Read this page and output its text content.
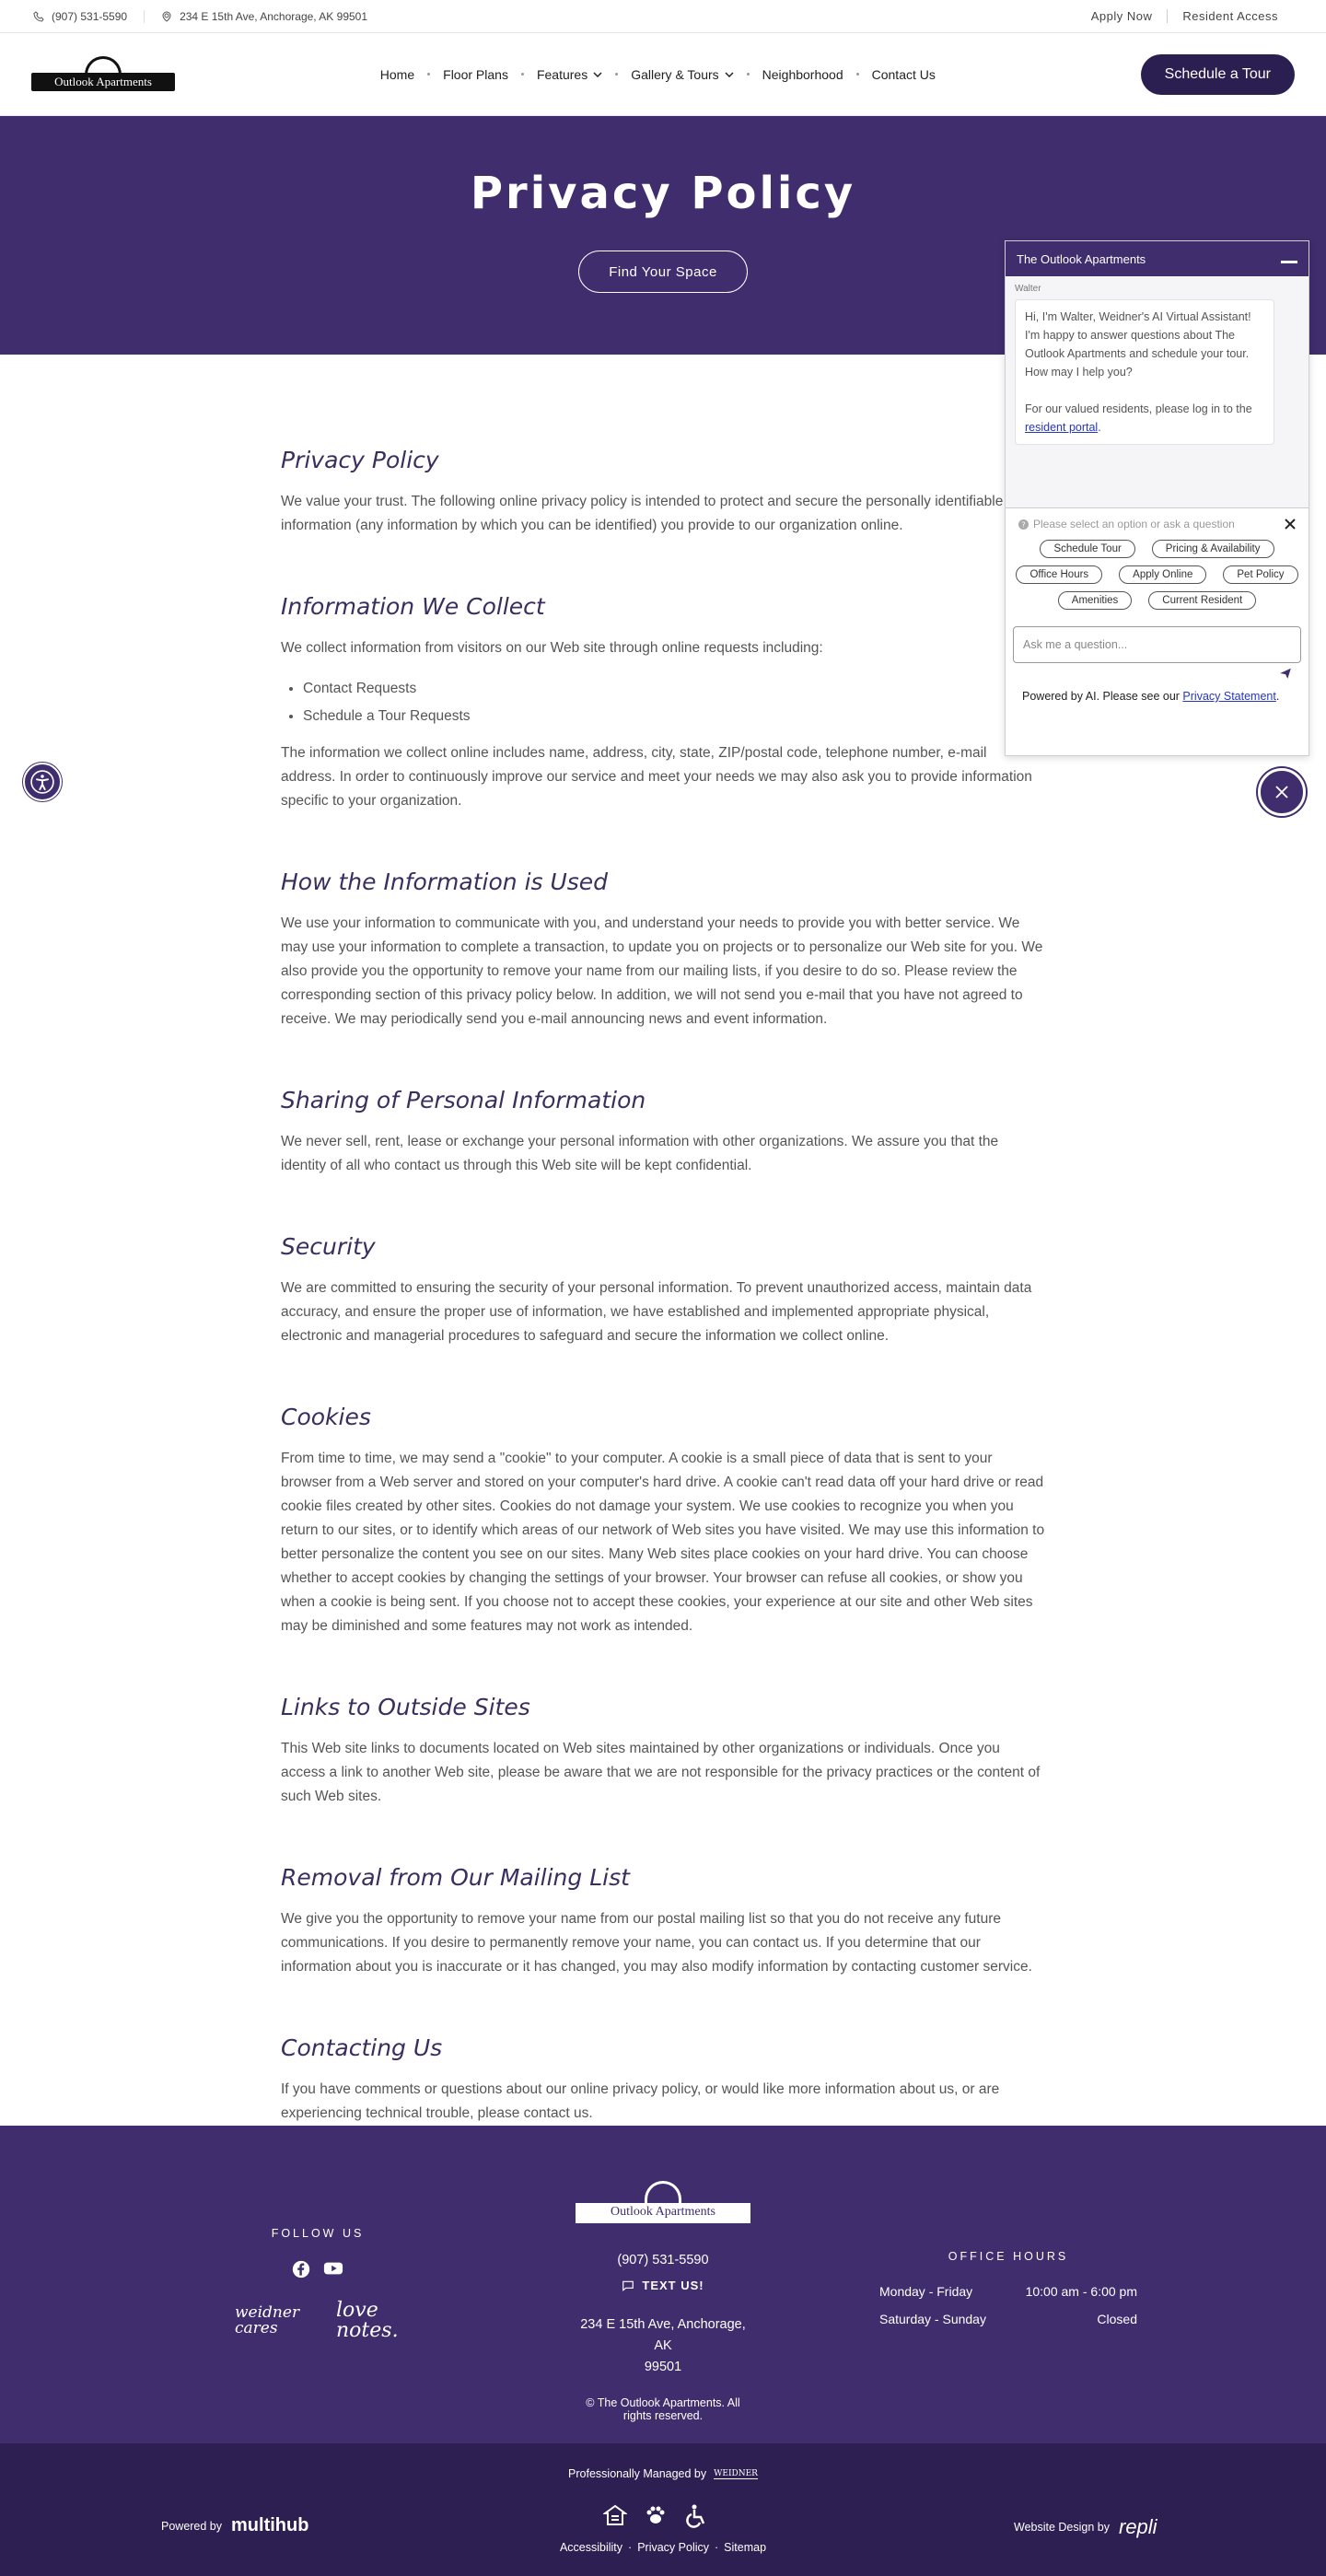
(907) 531-5590	234 E 15th Ave, Anchorage, AK 99501	Apply Now	Resident Access
Outlook Apartments	Home	Floor Plans	Features	Gallery & Tours	Neighborhood	Contact Us	Schedule a Tour
Privacy Policy
Find Your Space
Privacy Policy

We value your trust. The following online privacy policy is intended to protect and secure the personally identifiable information (any information by which you can be identified) you provide to our organization online.

Information We Collect

We collect information from visitors on our Web site through online requests including:

• Contact Requests
• Schedule a Tour Requests

The information we collect online includes name, address, city, state, ZIP/postal code, telephone number, e-mail address. In order to continuously improve our service and meet your needs we may also ask you to provide information specific to your organization.

How the Information is Used

We use your information to communicate with you, and understand your needs to provide you with better service. We may use your information to complete a transaction, to update you on projects or to personalize our Web site for you. We also provide you the opportunity to remove your name from our mailing lists, if you desire to do so. Please review the corresponding section of this privacy policy below. In addition, we will not send you e-mail that you have not agreed to receive. We may periodically send you e-mail announcing news and event information.

Sharing of Personal Information

We never sell, rent, lease or exchange your personal information with other organizations. We assure you that the identity of all who contact us through this Web site will be kept confidential.

Security

We are committed to ensuring the security of your personal information. To prevent unauthorized access, maintain data accuracy, and ensure the proper use of information, we have established and implemented appropriate physical, electronic and managerial procedures to safeguard and secure the information we collect online.

Cookies

From time to time, we may send a "cookie" to your computer. A cookie is a small piece of data that is sent to your browser from a Web server and stored on your computer's hard drive. A cookie can't read data off your hard drive or read cookie files created by other sites. Cookies do not damage your system. We use cookies to recognize you when you return to our sites, or to identify which areas of our network of Web sites you have visited. We may use this information to better personalize the content you see on our sites. Many Web sites place cookies on your hard drive. You can choose whether to accept cookies by changing the settings of your browser. Your browser can refuse all cookies, or show you when a cookie is being sent. If you choose not to accept these cookies, your experience at our site and other Web sites may be diminished and some features may not work as intended.

Links to Outside Sites

This Web site links to documents located on Web sites maintained by other organizations or individuals. Once you access a link to another Web site, please be aware that we are not responsible for the privacy practices or the content of such Web sites.

Removal from Our Mailing List

We give you the opportunity to remove your name from our postal mailing list so that you do not receive any future communications. If you desire to permanently remove your name, you can contact us. If you determine that our information about you is inaccurate or it has changed, you may also modify information by contacting customer service.

Contacting Us

If you have comments or questions about our online privacy policy, or would like more information about us, or are experiencing technical trouble, please contact us.

The Outlook Apartments
Walter
Hi, I'm Walter, Weidner's AI Virtual Assistant! I'm happy to answer questions about The Outlook Apartments and schedule your tour. How may I help you?

For our valued residents, please log in to the resident portal.
? Please select an option or ask a question
Schedule Tour	Pricing & Availability
Office Hours	Apply Online	Pet Policy
Amenities	Current Resident
Ask me a question...
Powered by AI. Please see our Privacy Statement.
FOLLOW US
weidner cares
love notes.
Outlook Apartments
(907) 531-5590
TEXT US!
234 E 15th Ave, Anchorage, AK
99501
© The Outlook Apartments. All rights reserved.
OFFICE HOURS
Monday - Friday	10:00 am - 6:00 pm
Saturday - Sunday	Closed
Professionally Managed by WEIDNER
Powered by multihub
Accessibility · Privacy Policy · Sitemap
Website Design by repli
